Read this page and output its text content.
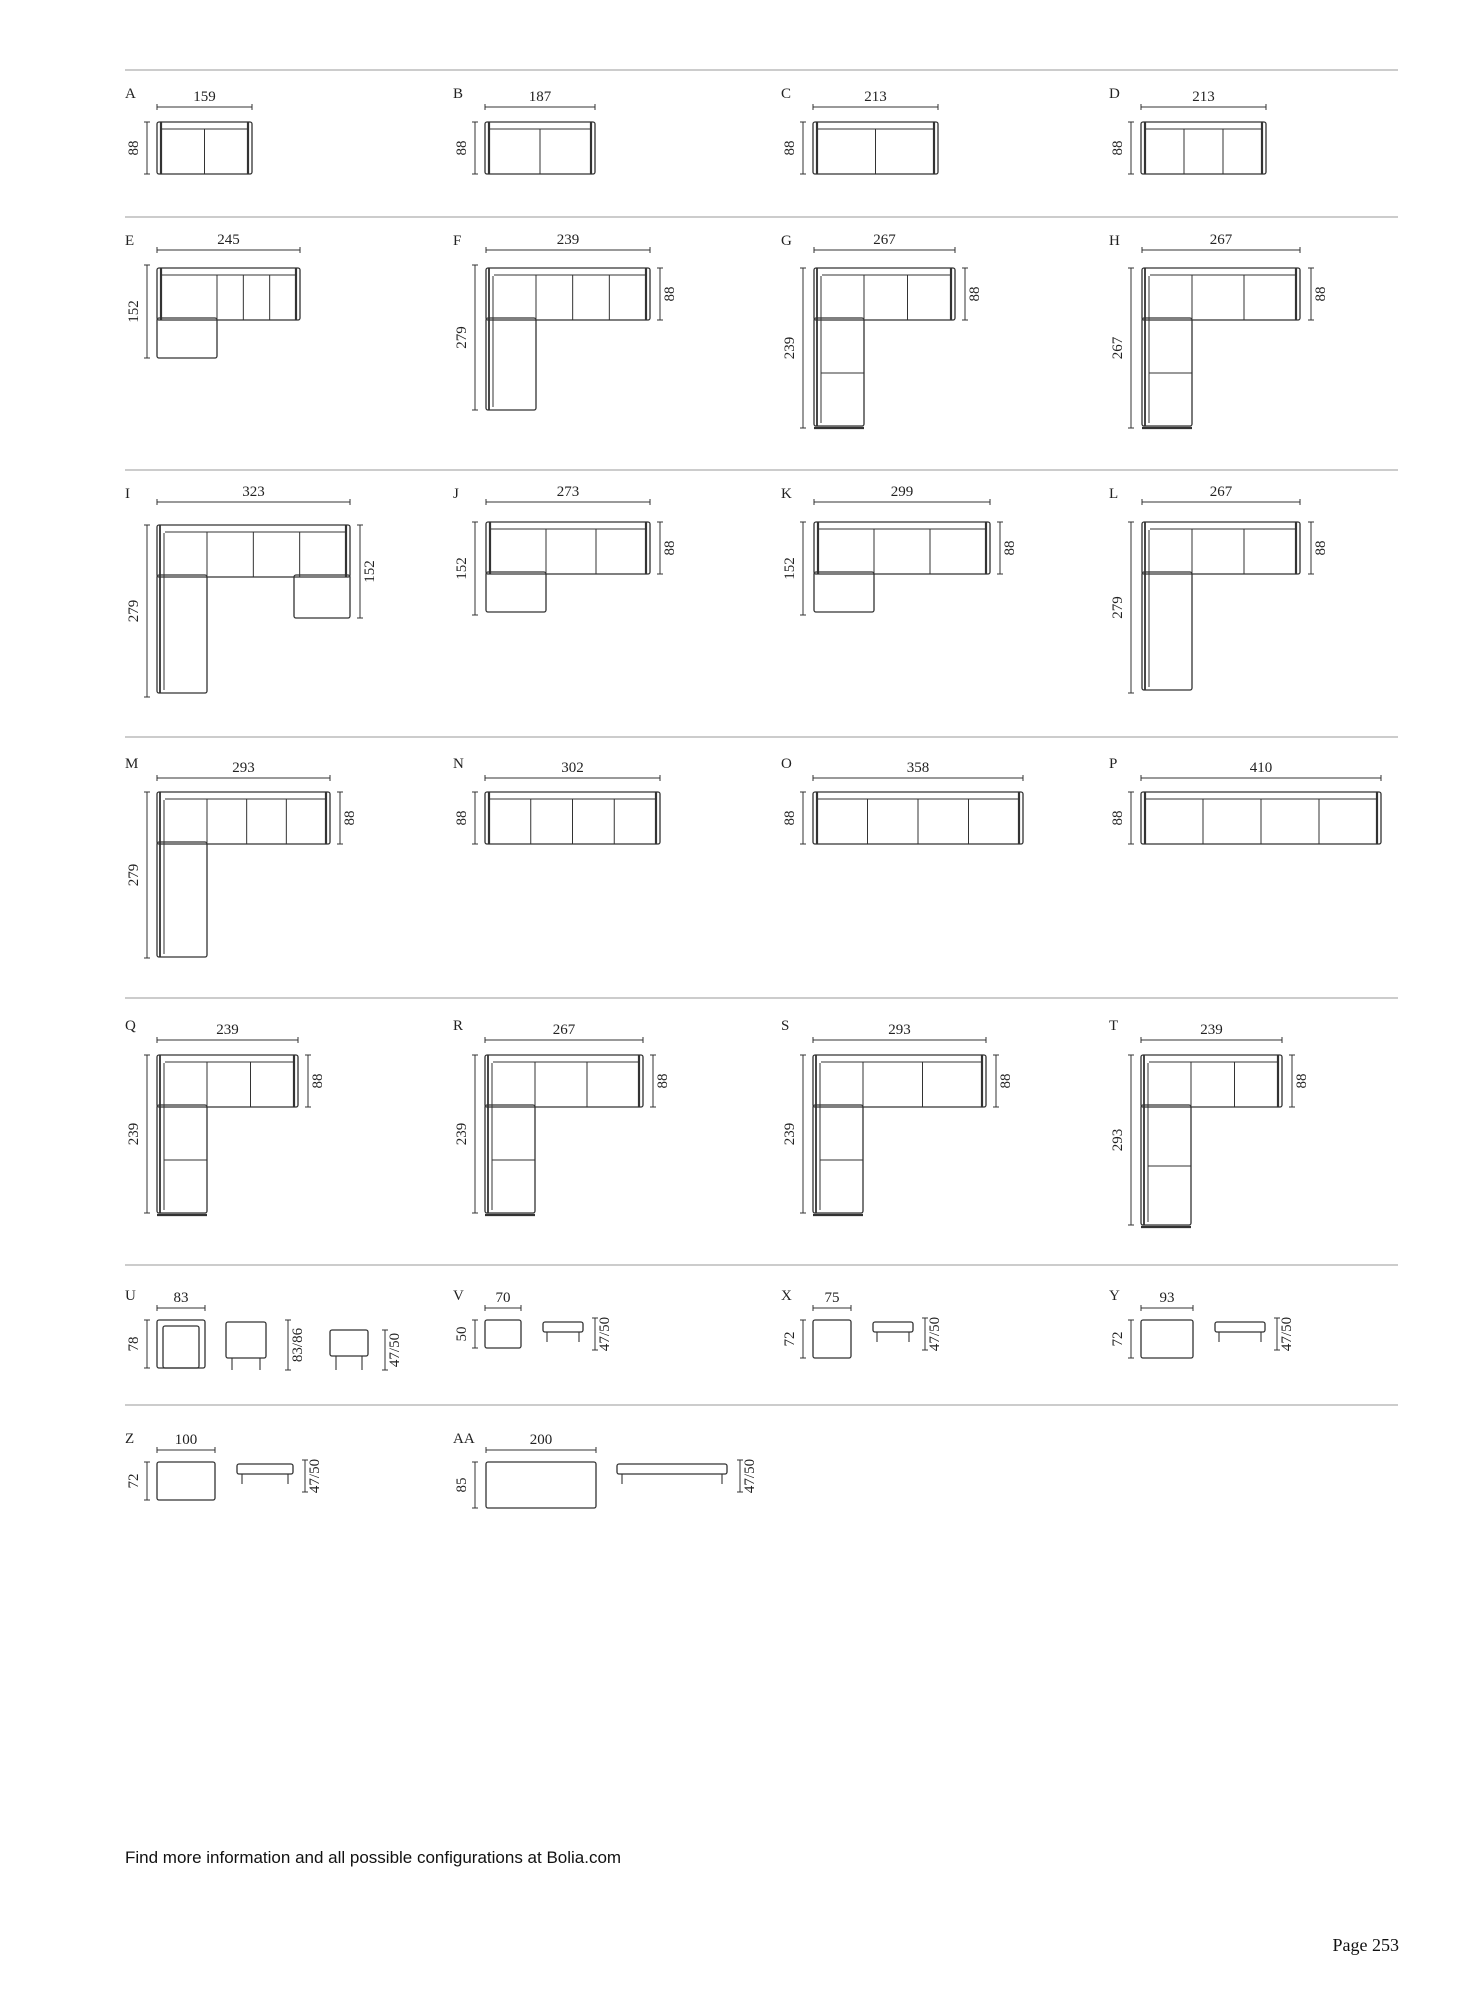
A	159
88
B	187
88
C	213
88
D	213
88
E	245
152
F	239
279
88
G	267
239
88
H	267
267
88
I	323
279
152
J	273
152
88
K	299
152
88
L	267
279
88
M	293
279
88
N	302
88
O	358
88
P	410
88
Q	239
239
88
R	267
239
88
S	293
239
88
T	239
293
88
U	83
78	83/86	47/50
V 70
50	47/50
X 75
72	47/50
Y	93
72	47/50
Z	100
72	47/50
AA	200
85	47/50
Find more information and all possible configurations at Bolia.com
Page 253
